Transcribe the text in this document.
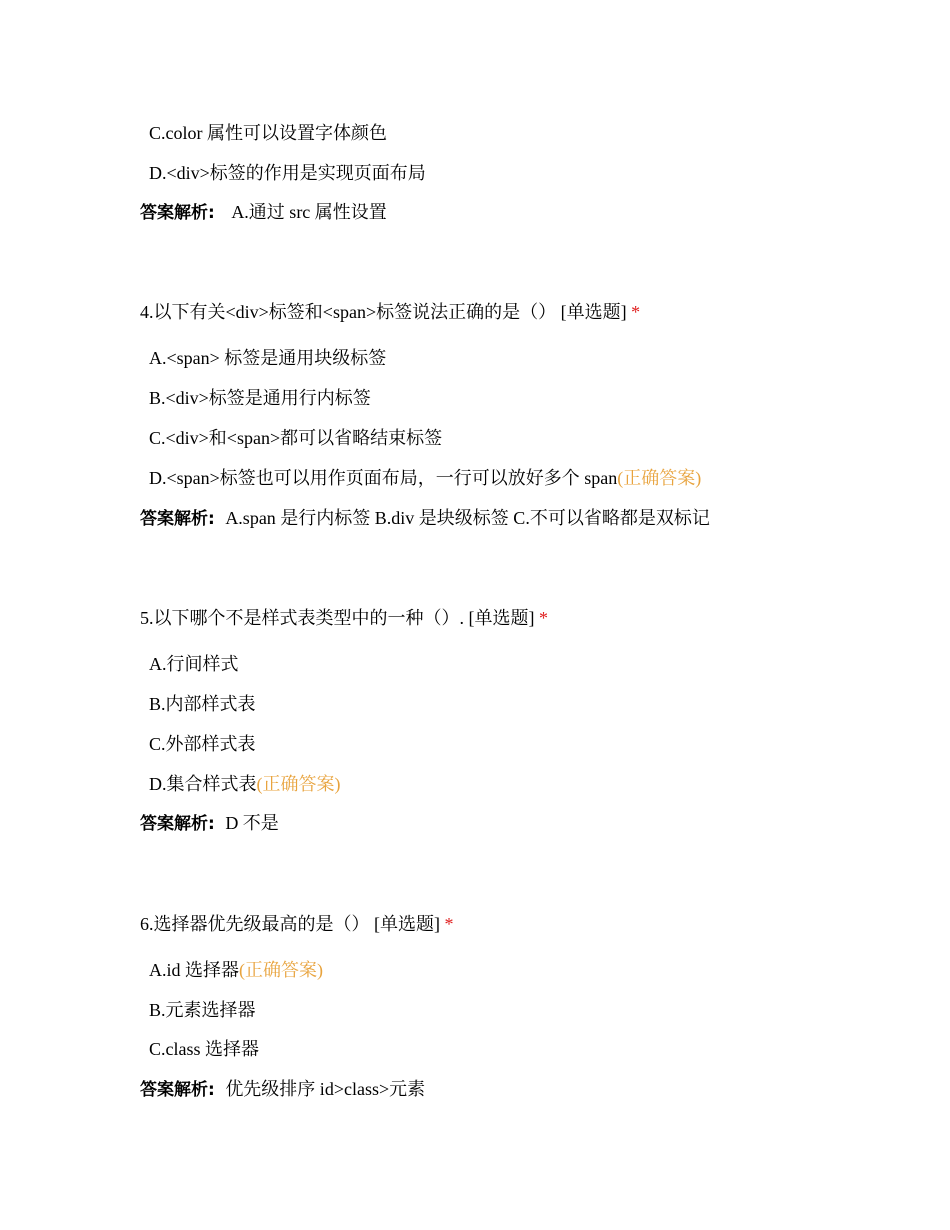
C.color 属性可以设置字体颜色
D.<div>标签的作用是实现页面布局
答案解析: A.通过 src 属性设置
4.以下有关<div>标签和<span>标签说法正确的是（） [单选题] *
A.<span> 标签是通用块级标签
B.<div>标签是通用行内标签
C.<div>和<span>都可以省略结束标签
D.<span>标签也可以用作页面布局，一行可以放好多个 span(正确答案)
答案解析: A.span 是行内标签 B.div 是块级标签 C.不可以省略都是双标记
5.以下哪个不是样式表类型中的一种（）. [单选题] *
A.行间样式
B.内部样式表
C.外部样式表
D.集合样式表(正确答案)
答案解析: D 不是
6.选择器优先级最高的是（） [单选题] *
A.id 选择器(正确答案)
B.元素选择器
C.class 选择器
答案解析: 优先级排序 id>class>元素
